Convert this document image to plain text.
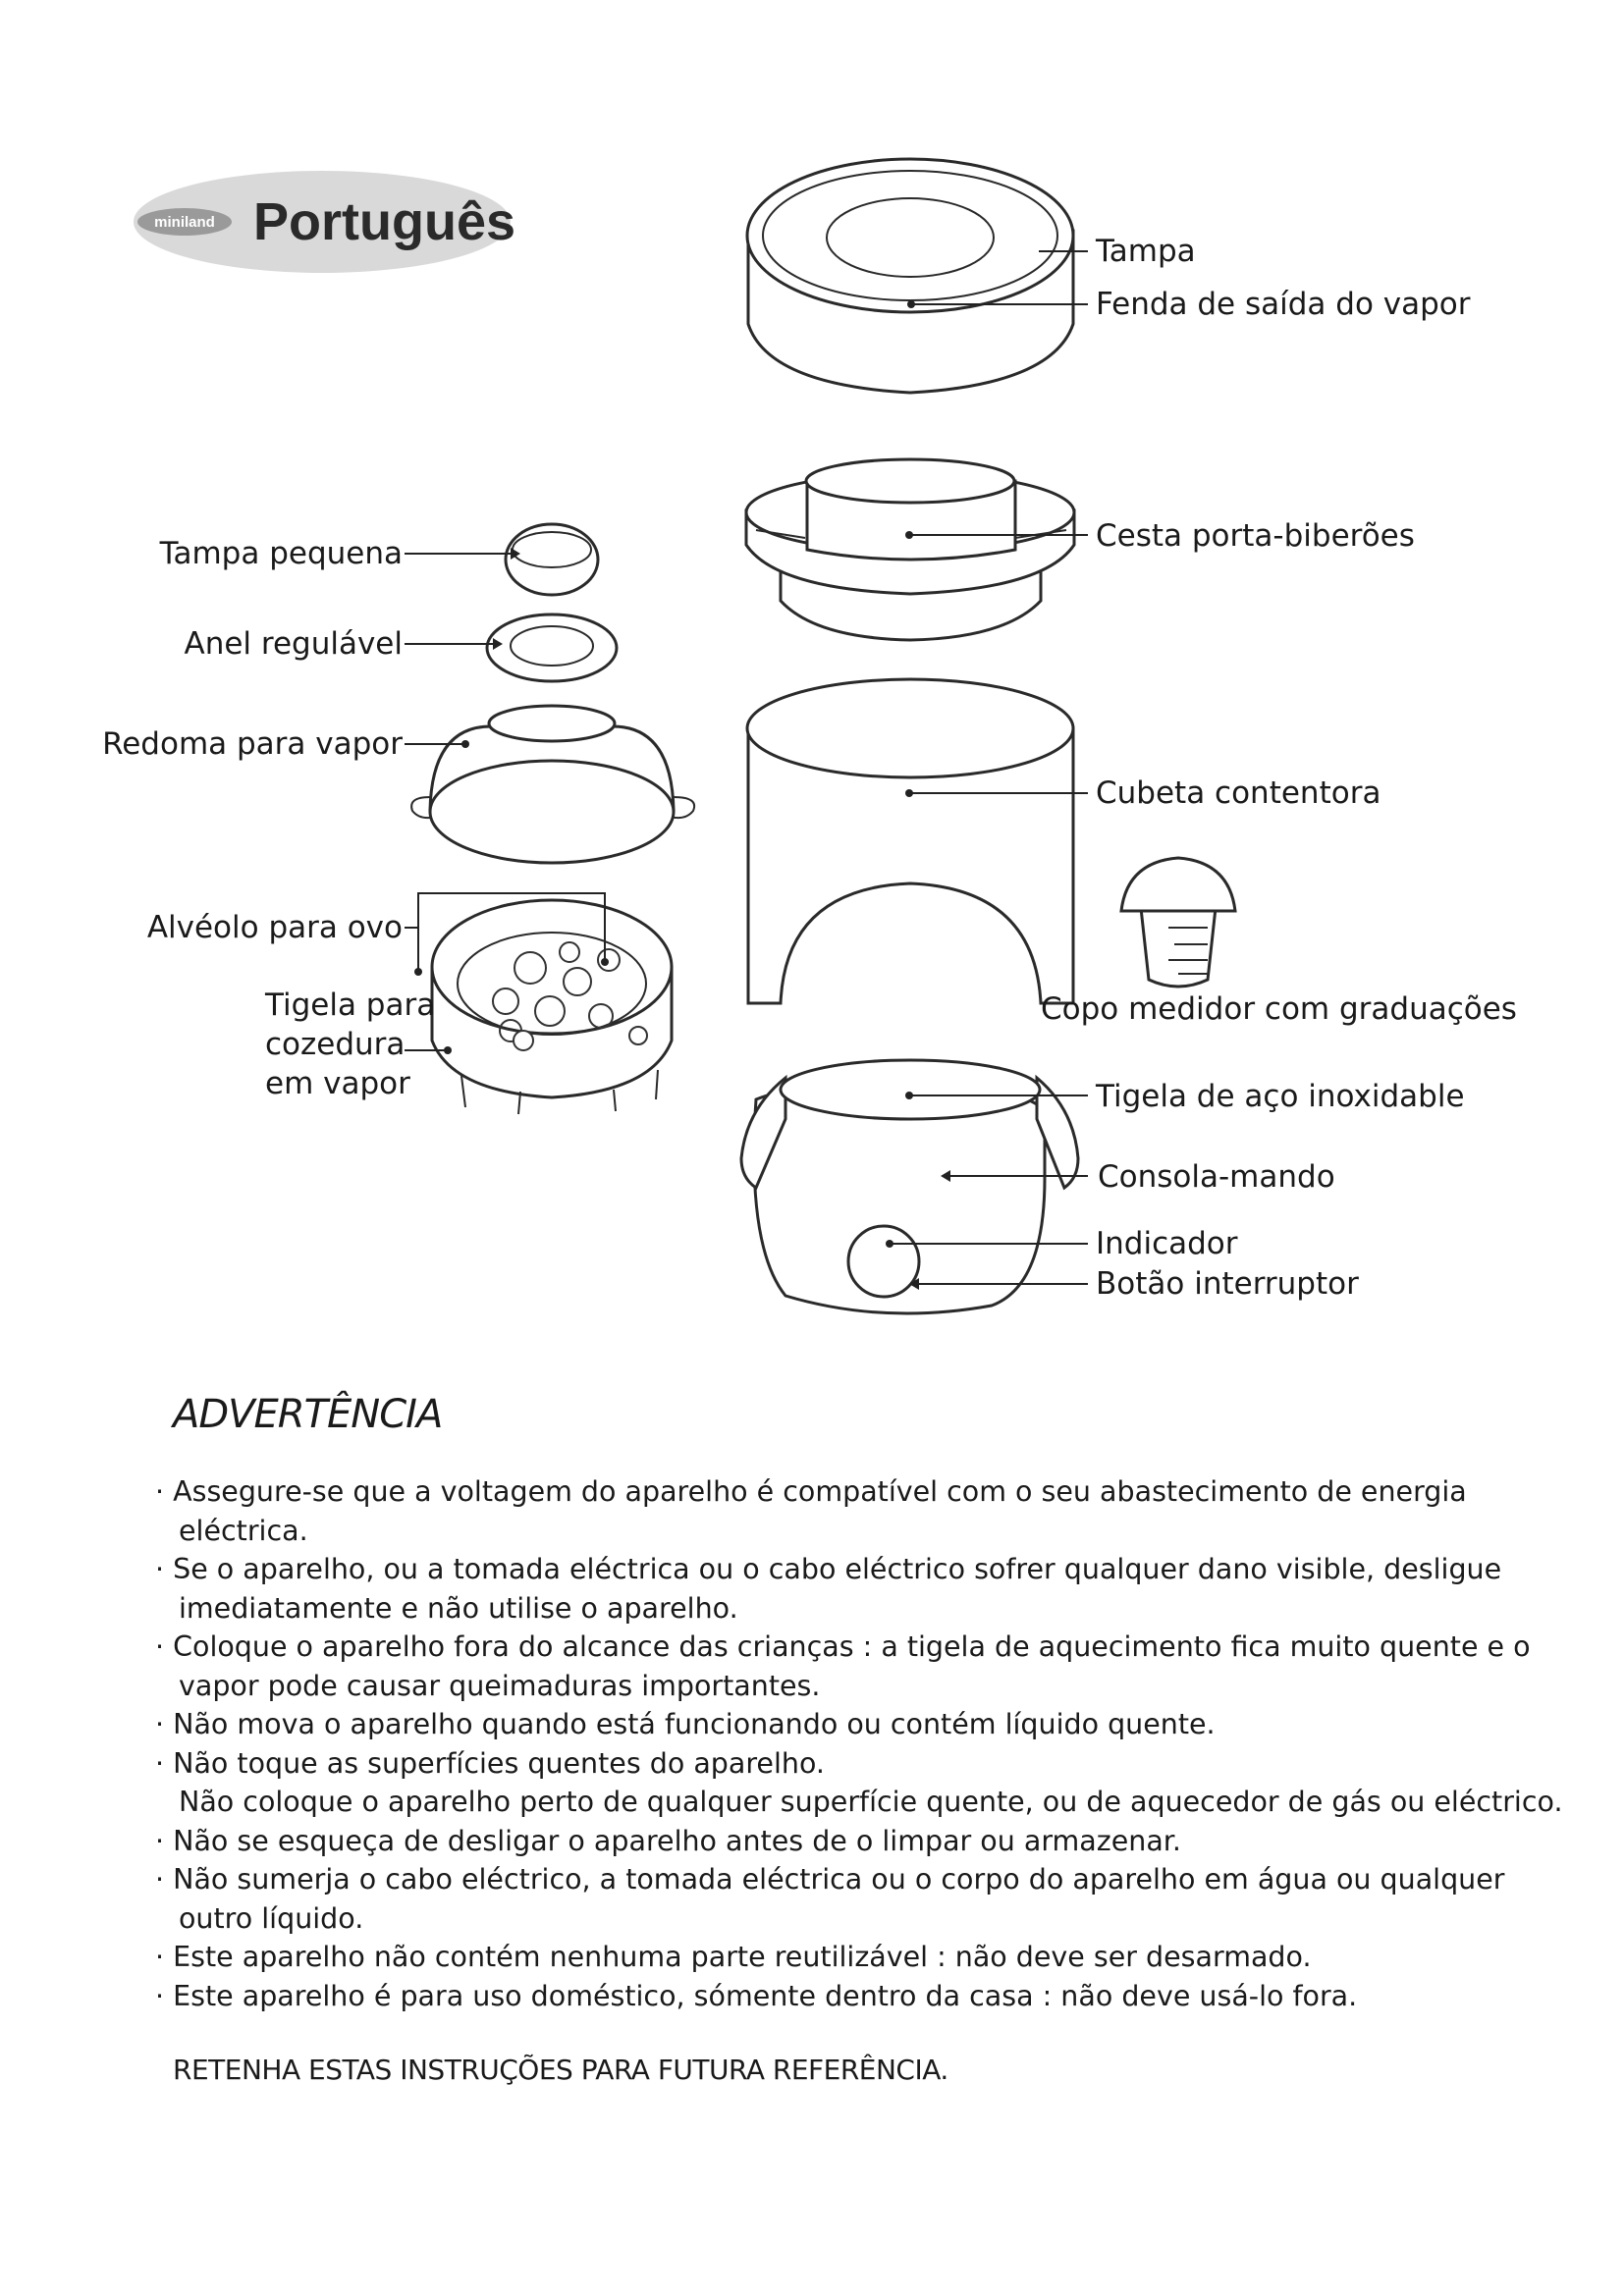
miniland Português	Tampa
Fenda de saída do vapor
Cesta porta-biberões
Tampa pequena
Anel regulável
Redoma para vapor
Cubeta contentora
Alvéolo para ovo
Tigela para
cozedura
em vapor
Copo medidor com graduações
Tigela de aço inoxidable
Consola-mando
Indicador
Botão interruptor
ADVERTÊNCIA
· Assegure-se que a voltagem do aparelho é compatível com o seu abastecimento de energia eléctrica.
· Se o aparelho, ou a tomada eléctrica ou o cabo eléctrico sofrer qualquer dano visible, desligue imediatamente e não utilise o aparelho.
· Coloque o aparelho fora do alcance das crianças : a tigela de aquecimento fica muito quente e o vapor pode causar queimaduras importantes.
· Não mova o aparelho quando está funcionando ou contém líquido quente.
· Não toque as superfícies quentes do aparelho.
Não coloque o aparelho perto de qualquer superfície quente, ou de aquecedor de gás ou eléctrico.
· Não se esqueça de desligar o aparelho antes de o limpar ou armazenar.
· Não sumerja o cabo eléctrico, a tomada eléctrica ou o corpo do aparelho em água ou qualquer outro líquido.
· Este aparelho não contém nenhuma parte reutilizável : não deve ser desarmado.
· Este aparelho é para uso doméstico, sómente dentro da casa : não deve usá-lo fora.
RETENHA ESTAS INSTRUÇÕES PARA FUTURA REFERÊNCIA.
